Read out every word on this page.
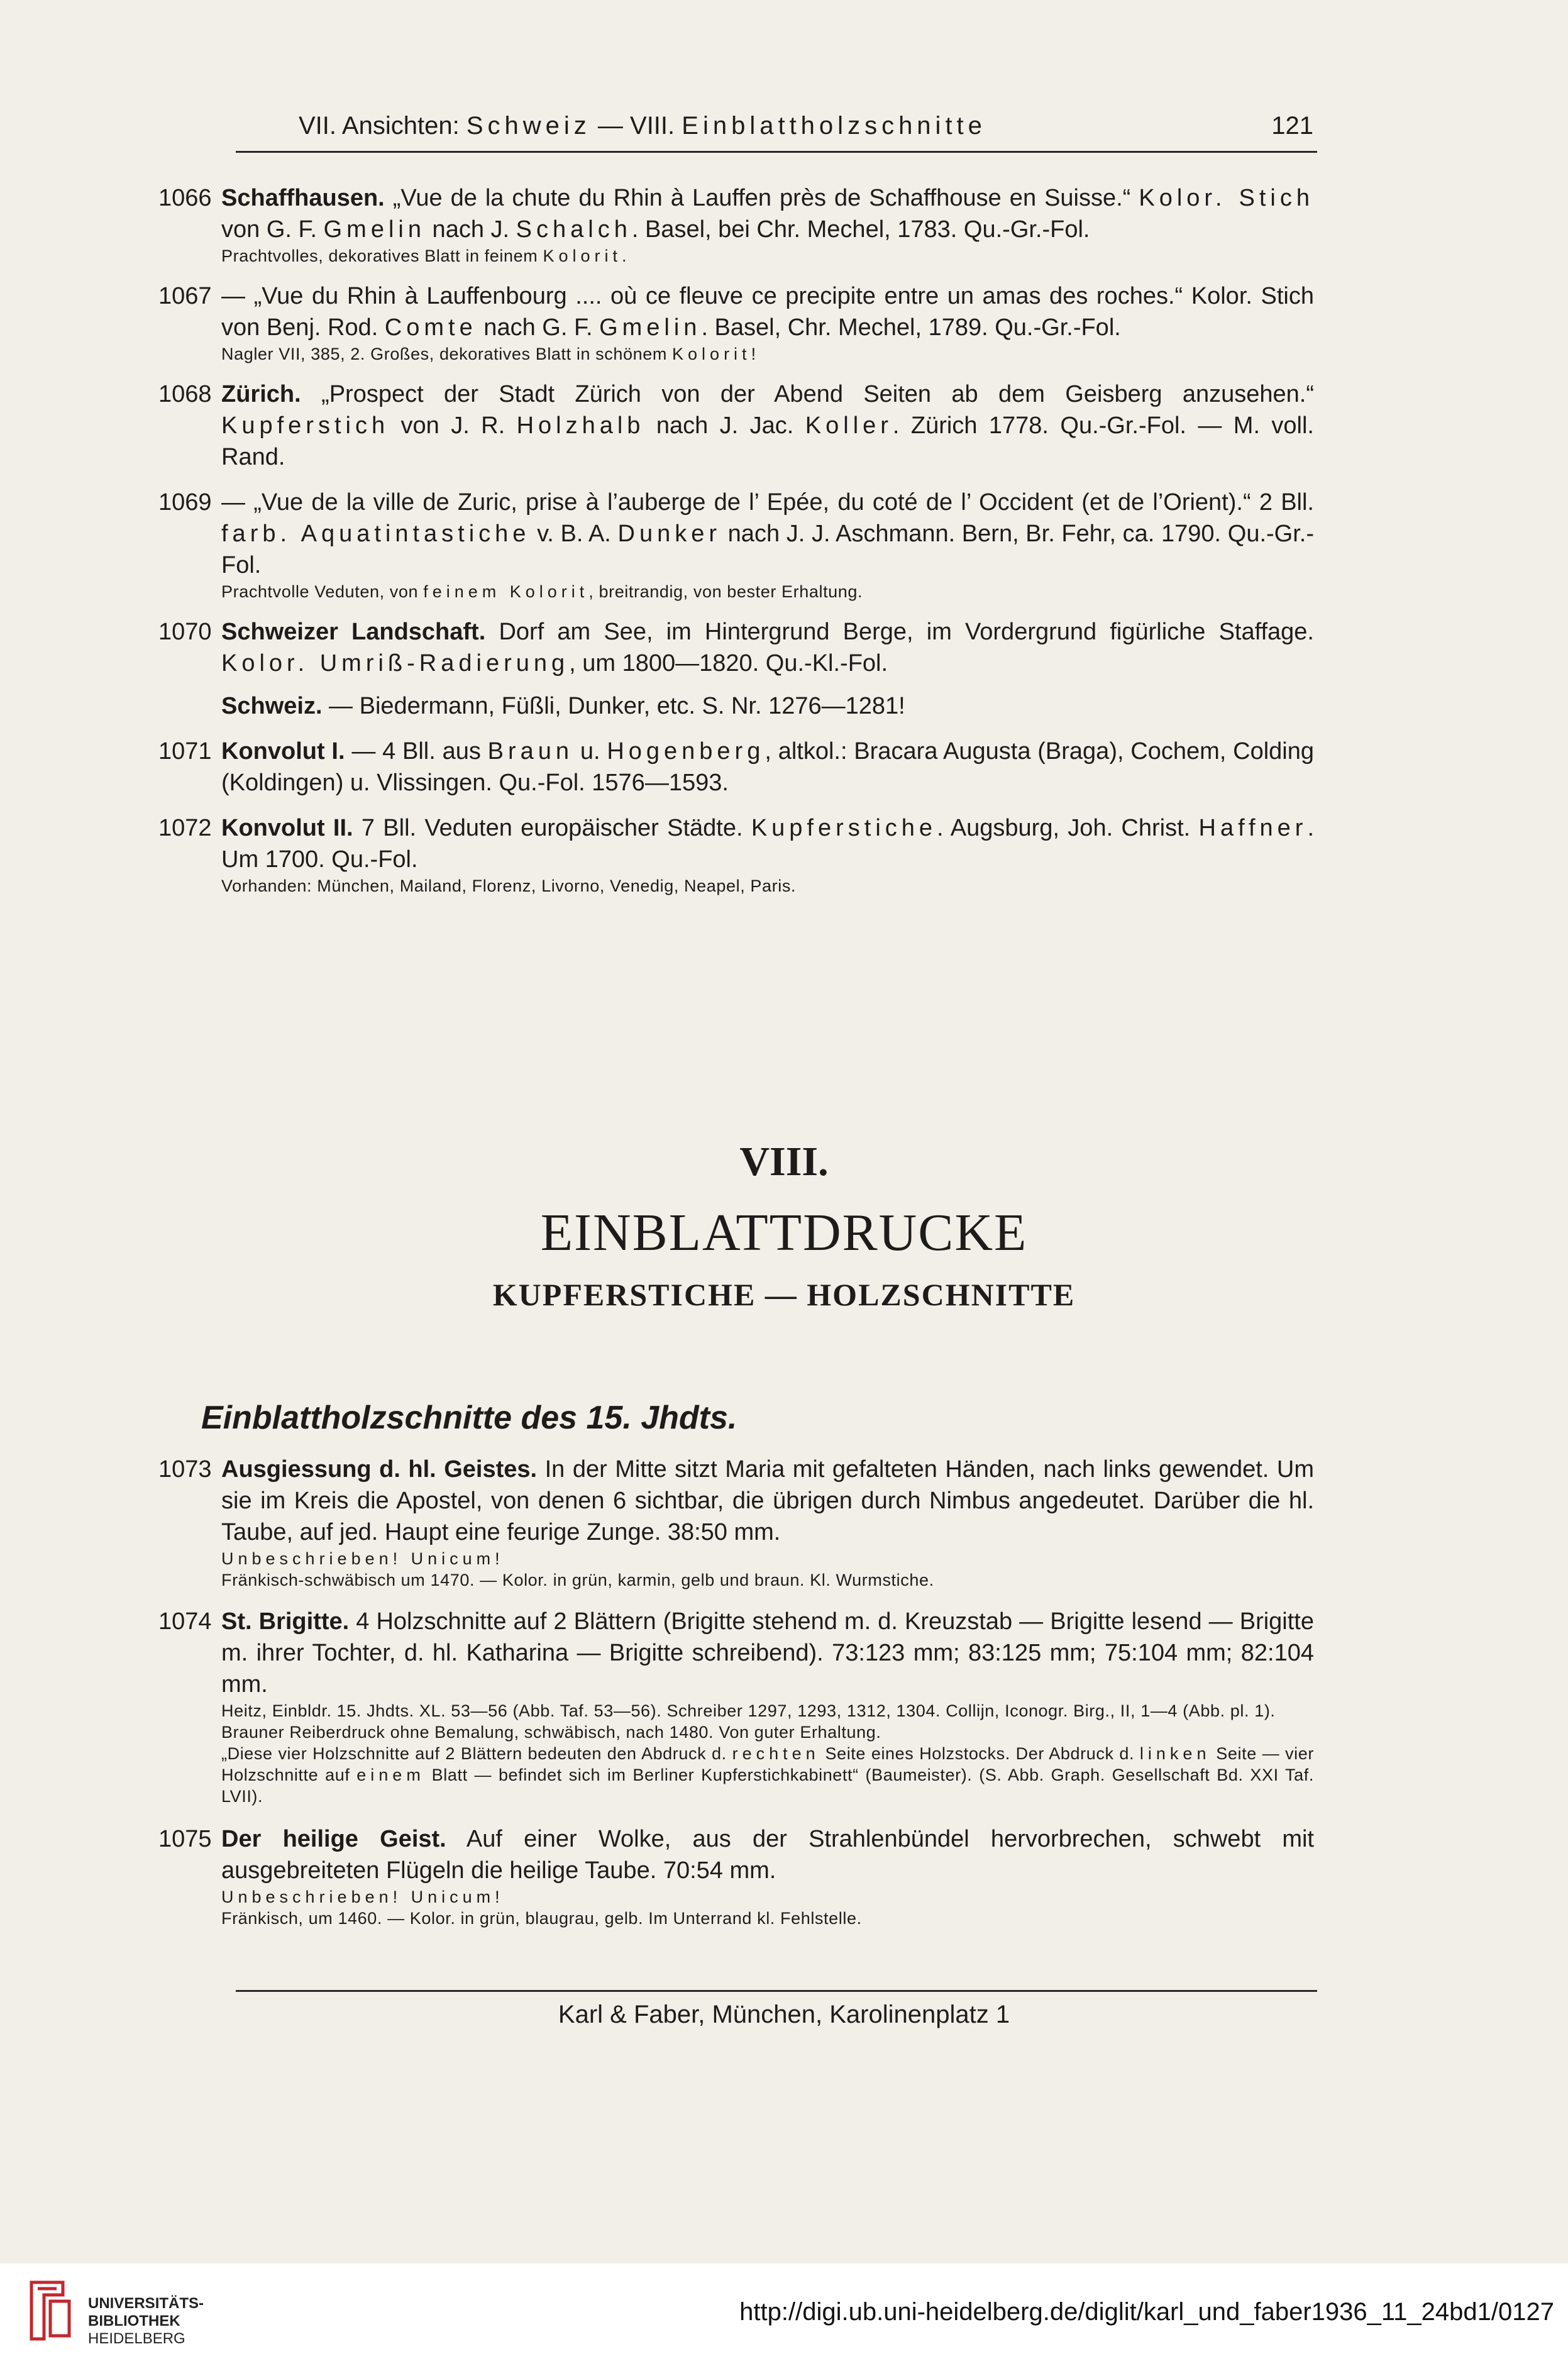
VII. Ansichten: Schweiz — VIII. Einblattholzschnitte	121
1066 Schaffhausen. „Vue de la chute du Rhin à Lauffen près de Schaffhouse en Suisse.“ Kolor. Stich von G. F. Gmelin nach J. Schalch. Basel, bei Chr. Mechel, 1783. Qu.-Gr.-Fol.

Prachtvolles, dekoratives Blatt in feinem Kolorit.

1067 — „Vue du Rhin à Lauffenbourg .... où ce fleuve ce precipite entre un amas des roches.“ Kolor. Stich von Benj. Rod. Comte nach G. F. Gmelin. Basel, Chr. Mechel, 1789. Qu.-Gr.-Fol.

Nagler VII, 385, 2. Großes, dekoratives Blatt in schönem Kolorit!

1068 Zürich. „Prospect der Stadt Zürich von der Abend Seiten ab dem Geisberg anzusehen.“ Kupferstich von J. R. Holzhalb nach J. Jac. Koller. Zürich 1778. Qu.-Gr.-Fol. — M. voll. Rand.

1069 — „Vue de la ville de Zuric, prise à l’auberge de l’ Epée, du coté de l’ Occident (et de l’Orient).“ 2 Bll. farb. Aquatintastiche v. B. A. Dunker nach J. J. Aschmann. Bern, Br. Fehr, ca. 1790. Qu.-Gr.-Fol.

Prachtvolle Veduten, von feinem Kolorit, breitrandig, von bester Erhaltung.

1070 Schweizer Landschaft. Dorf am See, im Hintergrund Berge, im Vordergrund figürliche Staffage. Kolor. Umriß-Radierung, um 1800—1820. Qu.-Kl.-Fol.

Schweiz. — Biedermann, Füßli, Dunker, etc. S. Nr. 1276—1281!

1071 Konvolut I. — 4 Bll. aus Braun u. Hogenberg, altkol.: Bracara Augusta (Braga), Cochem, Colding (Koldingen) u. Vlissingen. Qu.-Fol. 1576—1593.

1072 Konvolut II. 7 Bll. Veduten europäischer Städte. Kupferstiche. Augsburg, Joh. Christ. Haffner. Um 1700. Qu.-Fol.

Vorhanden: München, Mailand, Florenz, Livorno, Venedig, Neapel, Paris.

VIII.
EINBLATTDRUCKE
KUPFERSTICHE — HOLZSCHNITTE
Einblattholzschnitte des 15. Jhdts.
1073 Ausgiessung d. hl. Geistes. In der Mitte sitzt Maria mit gefalteten Händen, nach links gewendet. Um sie im Kreis die Apostel, von denen 6 sichtbar, die übrigen durch Nimbus angedeutet. Darüber die hl. Taube, auf jed. Haupt eine feurige Zunge. 38:50 mm.

Unbeschrieben! Unicum!
Fränkisch-schwäbisch um 1470. — Kolor. in grün, karmin, gelb und braun. Kl. Wurmstiche.

1074 St. Brigitte. 4 Holzschnitte auf 2 Blättern (Brigitte stehend m. d. Kreuzstab — Brigitte lesend — Brigitte m. ihrer Tochter, d. hl. Katharina — Brigitte schreibend). 73:123 mm; 83:125 mm; 75:104 mm; 82:104 mm.

Heitz, Einbldr. 15. Jhdts. XL. 53—56 (Abb. Taf. 53—56). Schreiber 1297, 1293, 1312, 1304. Collijn, Iconogr. Birg., II, 1—4 (Abb. pl. 1).
Brauner Reiberdruck ohne Bemalung, schwäbisch, nach 1480. Von guter Erhaltung.
„Diese vier Holzschnitte auf 2 Blättern bedeuten den Abdruck d. rechten Seite eines Holzstocks. Der Abdruck d. linken Seite — vier Holzschnitte auf einem Blatt — befindet sich im Berliner Kupferstichkabinett“ (Baumeister). (S. Abb. Graph. Gesellschaft Bd. XXI Taf. LVII).

1075 Der heilige Geist. Auf einer Wolke, aus der Strahlenbündel hervorbrechen, schwebt mit ausgebreiteten Flügeln die heilige Taube. 70:54 mm.

Unbeschrieben! Unicum!
Fränkisch, um 1460. — Kolor. in grün, blaugrau, gelb. Im Unterrand kl. Fehlstelle.

Karl & Faber, München, Karolinenplatz 1
UNIVERSITÄTS-
BIBLIOTHEK
HEIDELBERG
http://digi.ub.uni-heidelberg.de/diglit/karl_und_faber1936_11_24bd1/0127
